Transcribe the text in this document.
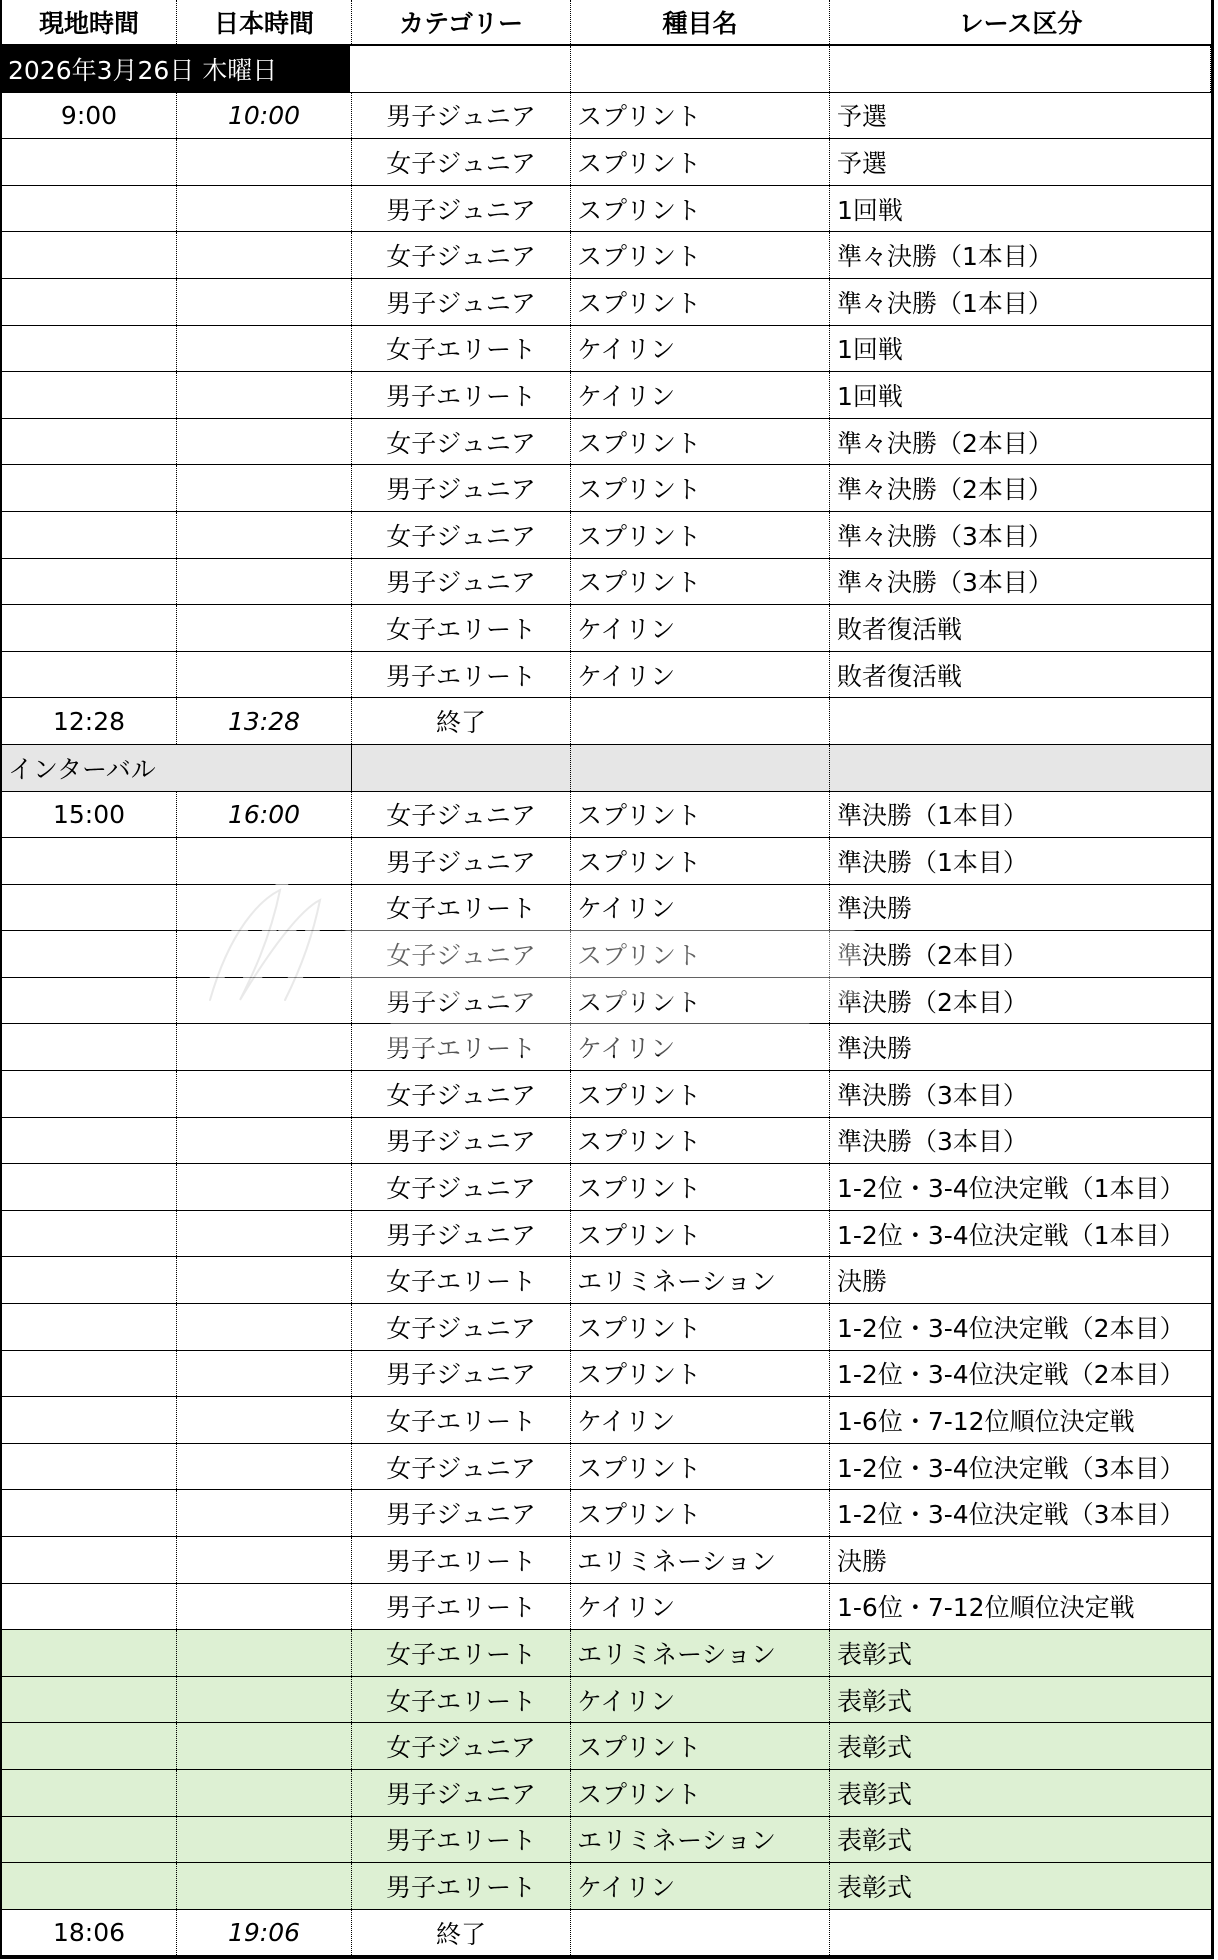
現地時間	日本時間	カテゴリー	種目名	レース区分
2026年3月26日 木曜日
9:00	10:00	男子ジュニア	スプリント	予選
女子ジュニア	スプリント	予選
男子ジュニア	スプリント	1回戦
女子ジュニア	スプリント	準々決勝（1本目）
男子ジュニア	スプリント	準々決勝（1本目）
女子エリート	ケイリン	1回戦
男子エリート	ケイリン	1回戦
女子ジュニア	スプリント	準々決勝（2本目）
男子ジュニア	スプリント	準々決勝（2本目）
女子ジュニア	スプリント	準々決勝（3本目）
男子ジュニア	スプリント	準々決勝（3本目）
女子エリート	ケイリン	敗者復活戦
男子エリート	ケイリン	敗者復活戦
12:28	13:28	終了
インターバル
15:00	16:00	女子ジュニア	スプリント	準決勝（1本目）
男子ジュニア	スプリント	準決勝（1本目）
女子エリート	ケイリン	準決勝
女子ジュニア	スプリント	準決勝（2本目）
男子ジュニア	スプリント	準決勝（2本目）
男子エリート	ケイリン	準決勝
女子ジュニア	スプリント	準決勝（3本目）
男子ジュニア	スプリント	準決勝（3本目）
女子ジュニア	スプリント	1-2位・3-4位決定戦（1本目）
男子ジュニア	スプリント	1-2位・3-4位決定戦（1本目）
女子エリート	エリミネーション	決勝
女子ジュニア	スプリント	1-2位・3-4位決定戦（2本目）
男子ジュニア	スプリント	1-2位・3-4位決定戦（2本目）
女子エリート	ケイリン	1-6位・7-12位順位決定戦
女子ジュニア	スプリント	1-2位・3-4位決定戦（3本目）
男子ジュニア	スプリント	1-2位・3-4位決定戦（3本目）
男子エリート	エリミネーション	決勝
男子エリート	ケイリン	1-6位・7-12位順位決定戦
女子エリート	エリミネーション	表彰式
女子エリート	ケイリン	表彰式
女子ジュニア	スプリント	表彰式
男子ジュニア	スプリント	表彰式
男子エリート	エリミネーション	表彰式
男子エリート	ケイリン	表彰式
18:06	19:06	終了
